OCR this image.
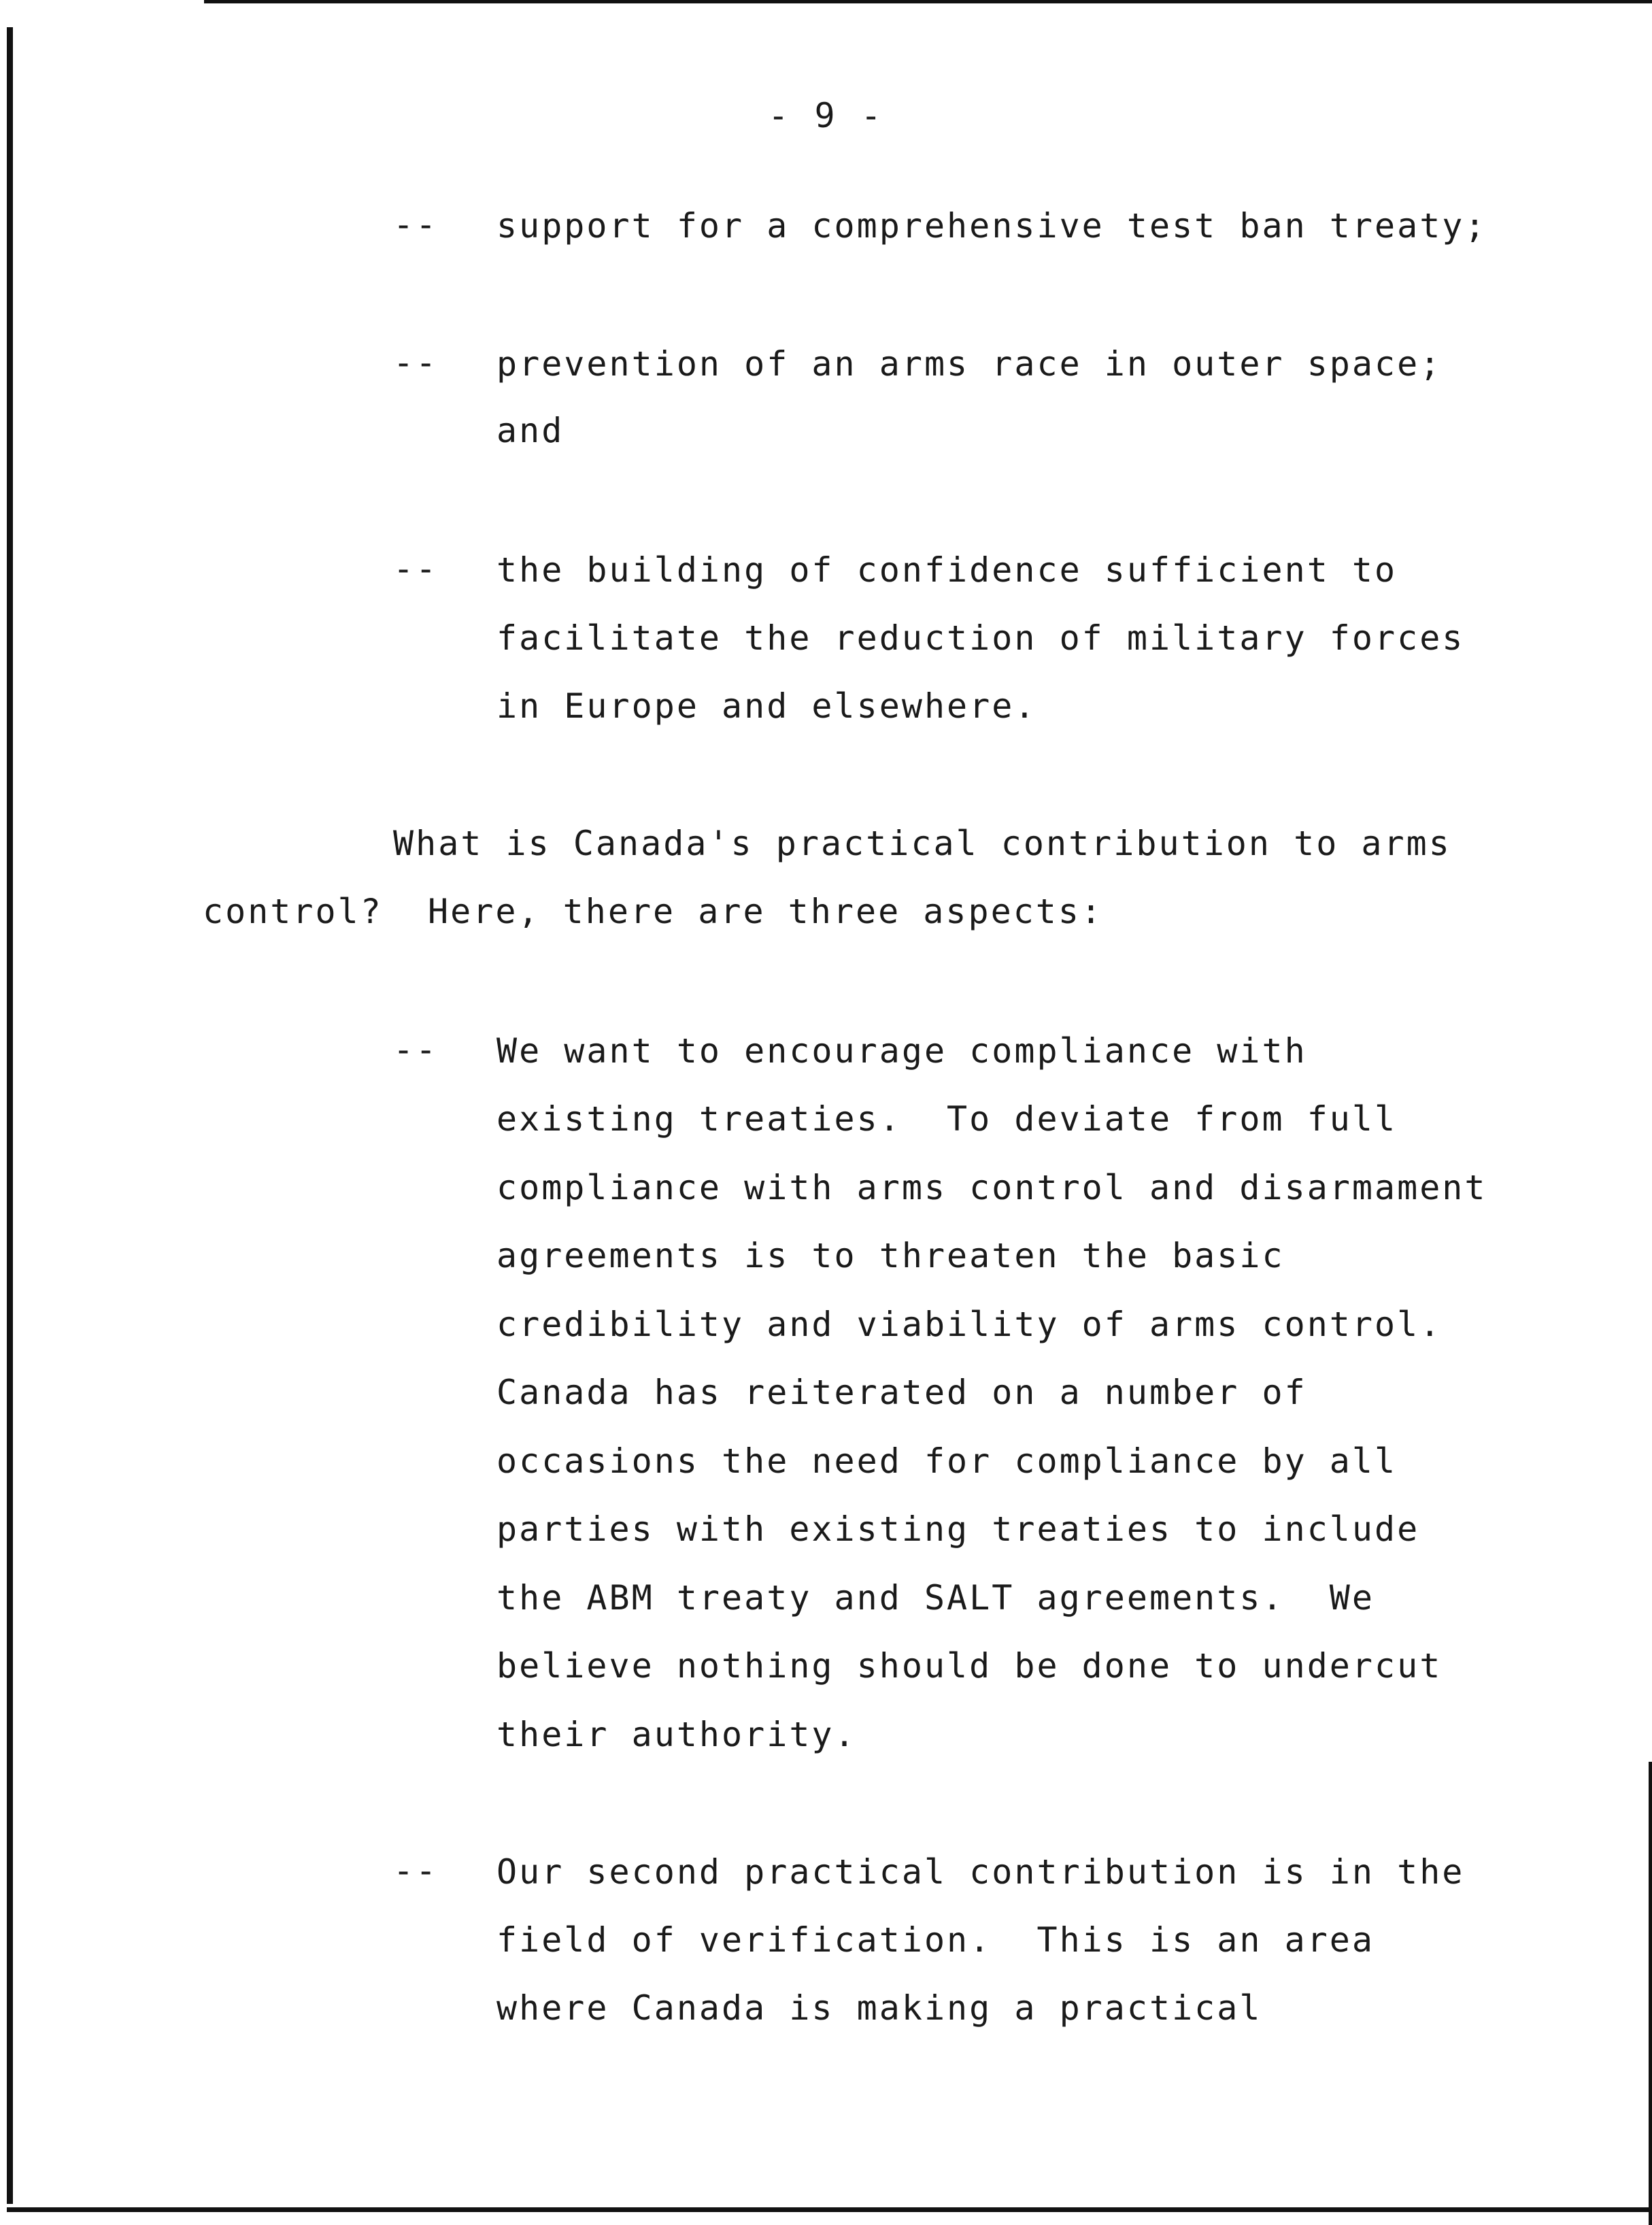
- 9 -
-- support for a comprehensive test ban treaty;
-- prevention of an arms race in outer space;
and
-- the building of confidence sufficient to
facilitate the reduction of military forces
in Europe and elsewhere.
What is Canada's practical contribution to arms
control?  Here, there are three aspects:
-- We want to encourage compliance with
existing treaties.  To deviate from full
compliance with arms control and disarmament
agreements is to threaten the basic
credibility and viability of arms control.
Canada has reiterated on a number of
occasions the need for compliance by all
parties with existing treaties to include
the ABM treaty and SALT agreements.  We
believe nothing should be done to undercut
their authority.
-- Our second practical contribution is in the
field of verification.  This is an area
where Canada is making a practical
